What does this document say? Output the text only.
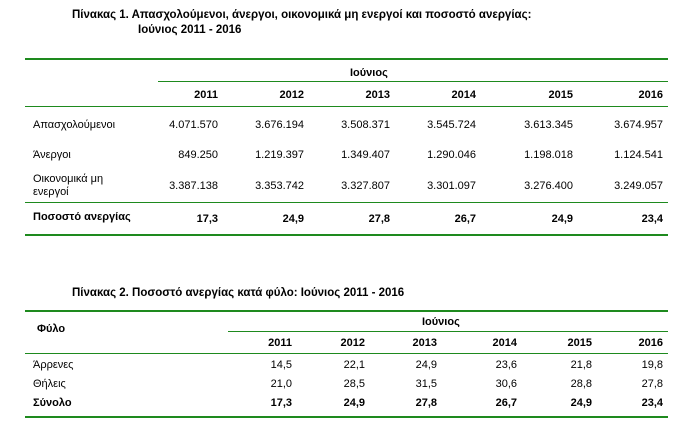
Πίνακας 1. Απασχολούμενοι, άνεργοι, οικονομικά μη ενεργοί και ποσοστό ανεργίας:
Ιούνιος 2011 - 2016
Ιούνιος
2011	2012	2013	2014	2015	2016
Απασχολούμενοι	4.071.570	3.676.194	3.508.371	3.545.724	3.613.345	3.674.957
Άνεργοι	849.250	1.219.397	1.349.407	1.290.046	1.198.018	1.124.541
Οικονομικά μη
ενεργοί	3.387.138	3.353.742	3.327.807	3.301.097	3.276.400	3.249.057
Ποσοστό ανεργίας	17,3	24,9	27,8	26,7	24,9	23,4
Πίνακας 2. Ποσοστό ανεργίας κατά φύλο: Ιούνιος 2011 - 2016
Φύλο
Ιούνιος
2011	2012	2013	2014	2015	2016
Άρρενες	14,5	22,1	24,9	23,6	21,8	19,8
Θήλεις	21,0	28,5	31,5	30,6	28,8	27,8
Σύνολο	17,3	24,9	27,8	26,7	24,9	23,4
